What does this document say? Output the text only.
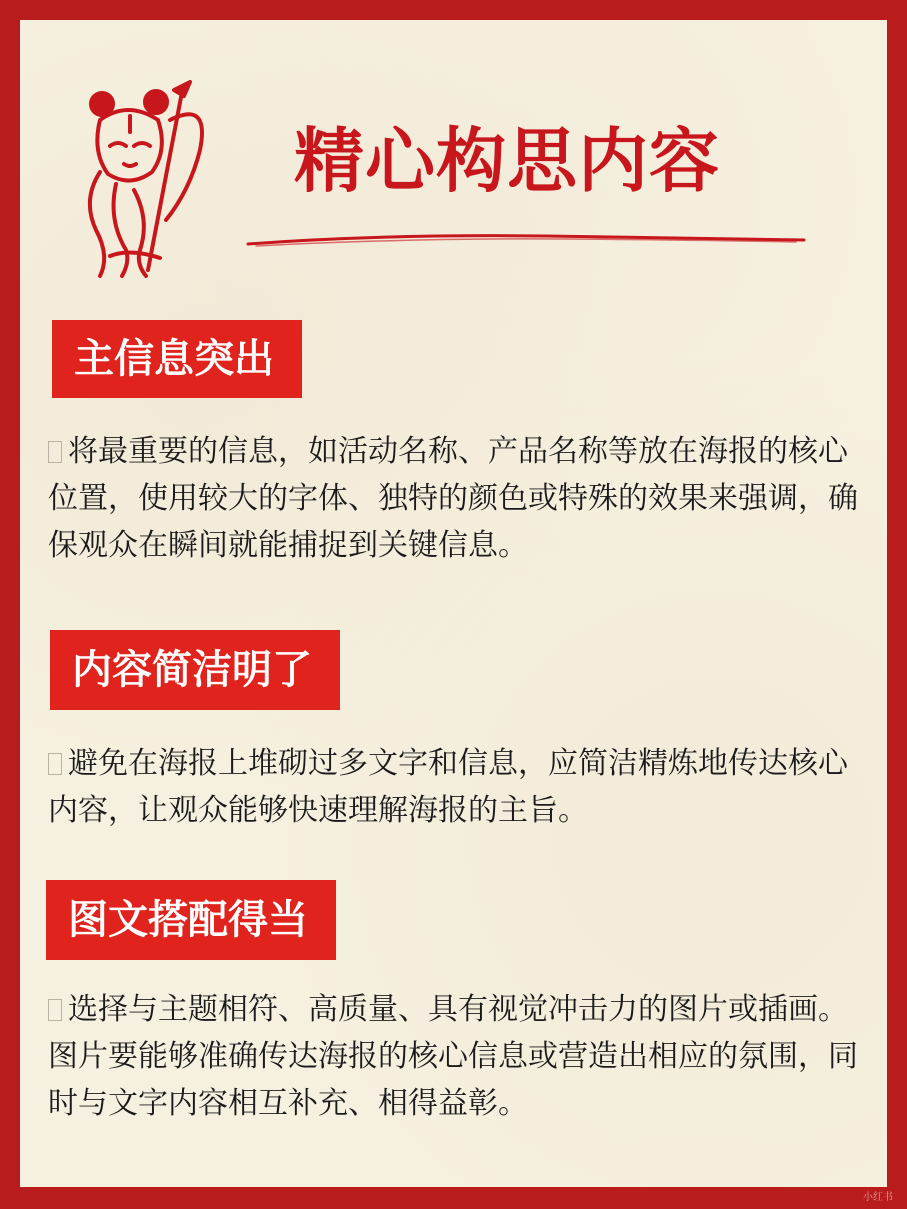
精心构思内容
主信息突出
将最重要的信息，如活动名称、产品名称等放在海报的核心位置，使用较大的字体、独特的颜色或特殊的效果来强调，确保观众在瞬间就能捕捉到关键信息。
内容简洁明了
避免在海报上堆砌过多文字和信息，应简洁精炼地传达核心内容，让观众能够快速理解海报的主旨。
图文搭配得当
选择与主题相符、高质量、具有视觉冲击力的图片或插画。图片要能够准确传达海报的核心信息或营造出相应的氛围，同时与文字内容相互补充、相得益彰。
小红书
